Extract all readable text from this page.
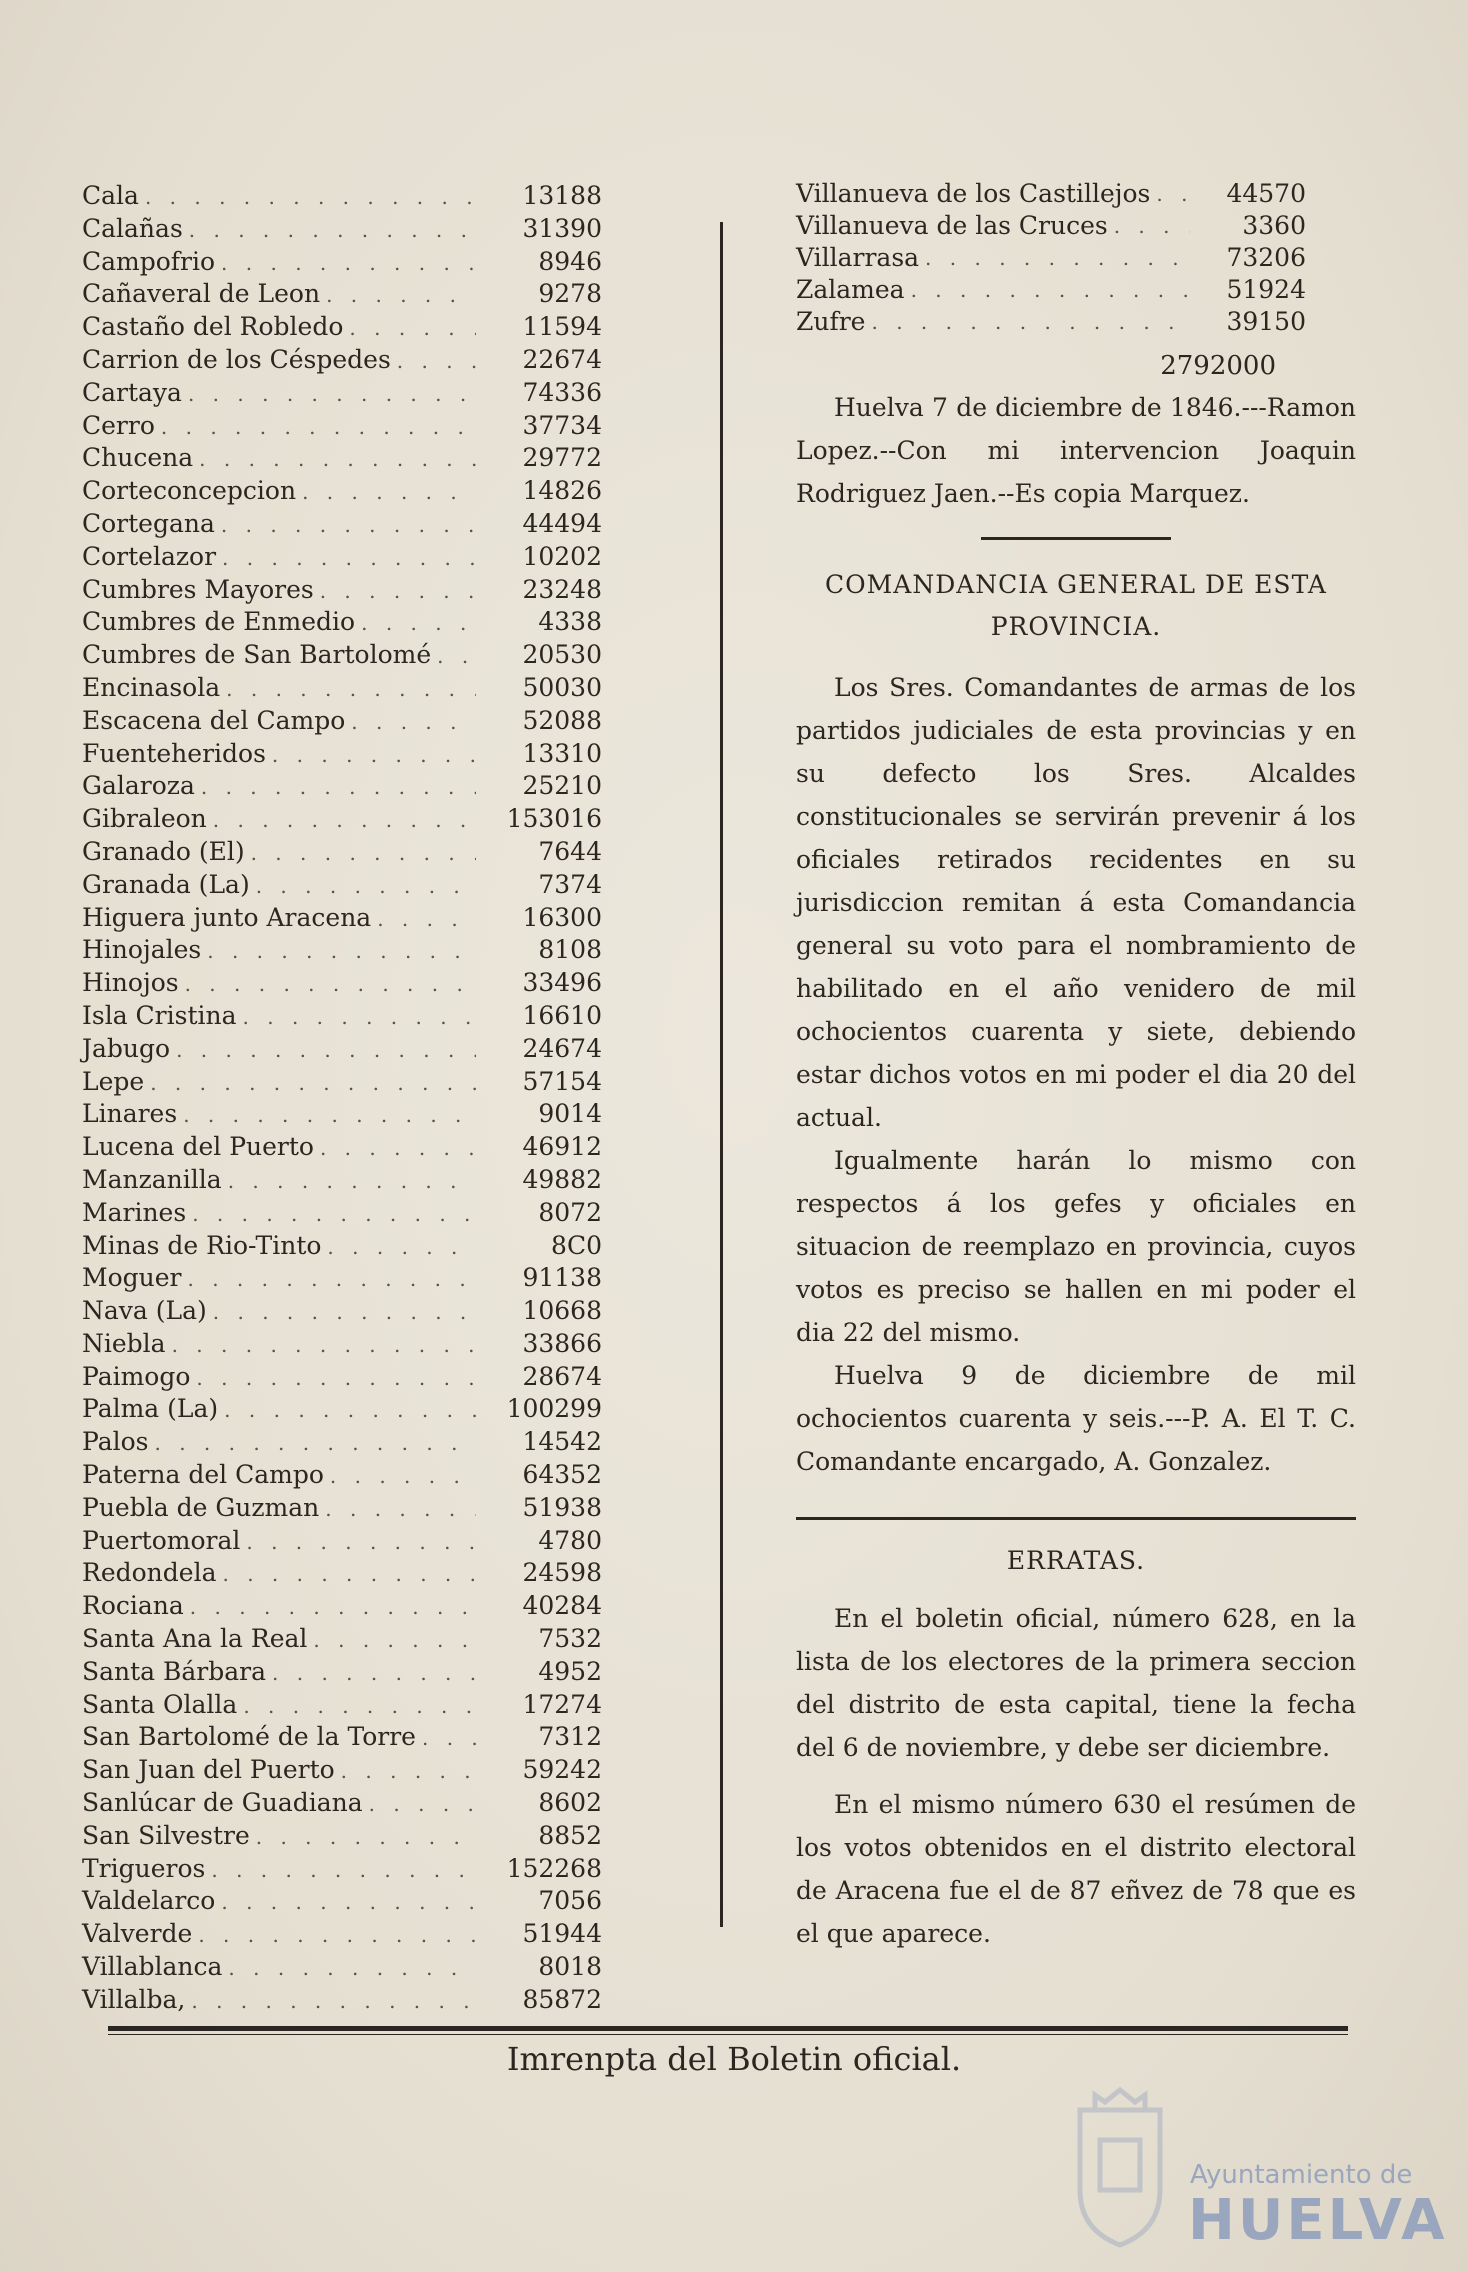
Cala . . .	13188
Calañas . . .	31390
Campofrio . . .	8946
Cañaveral de Leon . . .	9278
Castaño del Robledo . . .	11594
Carrion de los Céspedes . . .	22674
Cartaya . . .	74336
Cerro . . .	37734
Chucena . . .	29772
Corteconcepcion . . .	14826
Cortegana . . .	44494
Cortelazor . . .	10202
Cumbres Mayores . . .	23248
Cumbres de Enmedio . . .	4338
Cumbres de San Bartolomé . . .	20530
Encinasola . . .	50030
Escacena del Campo . . .	52088
Fuenteheridos . . .	13310
Galaroza . . .	25210
Gibraleon . . .	153016
Granado (El) . . .	7644
Granada (La) . . .	7374
Higuera junto Aracena . . .	16300
Hinojales . . .	8108
Hinojos . . .	33496
Isla Cristina . . .	16610
Jabugo . . .	24674
Lepe . . .	57154
Linares . . .	9014
Lucena del Puerto . . .	46912
Manzanilla . . .	49882
Marines . . .	8072
Minas de Rio-Tinto . . .	8C0
Moguer . . .	91138
Nava (La) . . .	10668
Niebla . . .	33866
Paimogo . . .	28674
Palma (La) . . .	100299
Palos . . .	14542
Paterna del Campo . . .	64352
Puebla de Guzman . . .	51938
Puertomoral . . .	4780
Redondela . . .	24598
Rociana . . .	40284
Santa Ana la Real . . .	7532
Santa Bárbara . . .	4952
Santa Olalla . . .	17274
San Bartolomé de la Torre . . .	7312
San Juan del Puerto . . .	59242
Sanlúcar de Guadiana . . .	8602
San Silvestre . . .	8852
Trigueros . . .	152268
Valdelarco . . .	7056
Valverde . . .	51944
Villablanca . . .	8018
Villalba, . . .	85872
Villanueva de los Castillejos . . .	44570
Villanueva de las Cruces . . .	3360
Villarrasa . . .	73206
Zalamea . . .	51924
Zufre . . .	39150
2792000

Huelva 7 de diciembre de 1846.---Ramon Lopez.--Con mi intervencion Joaquin Rodriguez Jaen.--Es copia Marquez.

COMANDANCIA GENERAL DE ESTA PROVINCIA.

Los Sres. Comandantes de armas de los partidos judiciales de esta provincias y en su defecto los Sres. Alcaldes constitucionales se servirán prevenir á los oficiales retirados recidentes en su jurisdiccion remitan á esta Comandancia general su voto para el nombramiento de habilitado en el año venidero de mil ochocientos cuarenta y siete, debiendo estar dichos votos en mi poder el dia 20 del actual.

Igualmente harán lo mismo con respectos á los gefes y oficiales en situacion de reemplazo en provincia, cuyos votos es preciso se hallen en mi poder el dia 22 del mismo.

Huelva 9 de diciembre de mil ochocientos cuarenta y seis.---P. A. El T. C. Comandante encargado, A. Gonzalez.

ERRATAS.

En el boletin oficial, número 628, en la lista de los electores de la primera seccion del distrito de esta capital, tiene la fecha del 6 de noviembre, y debe ser diciembre.

En el mismo número 630 el resúmen de los votos obtenidos en el distrito electoral de Aracena fue el de 87 eñvez de 78 que es el que aparece.

Imrenpta del Boletin oficial.
Ayuntamiento de
HUELVA
